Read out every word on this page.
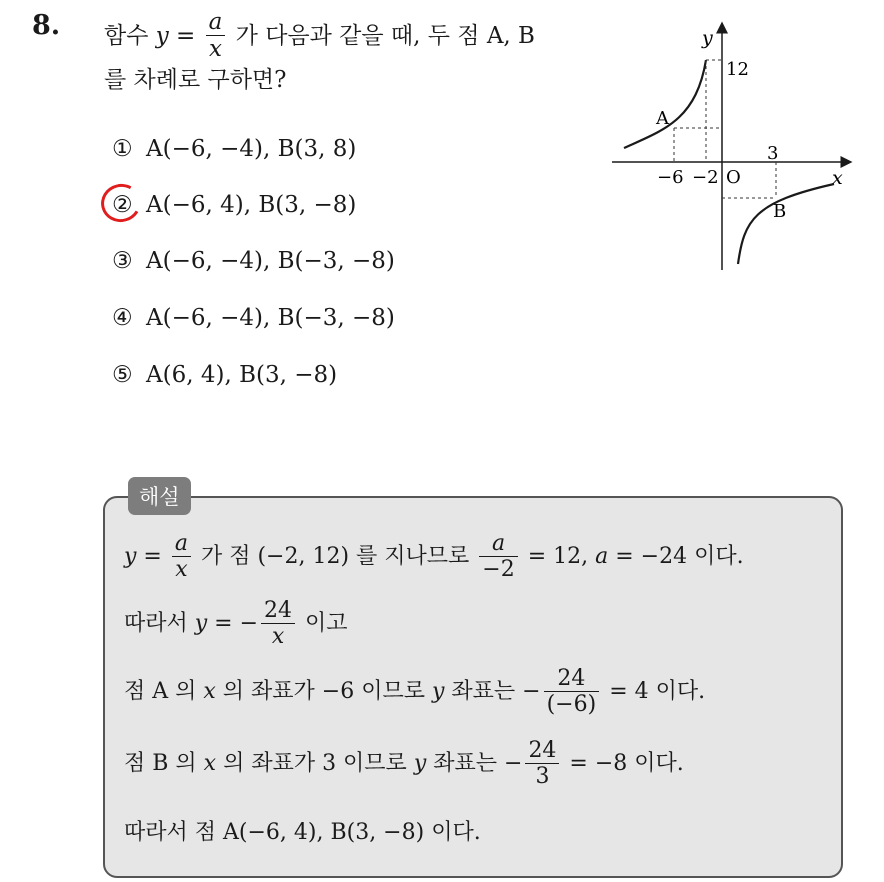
8. 함수 $y = \frac{a}{x}$ 가 다음과 같을 때, 두 점 A, B
를 차례로 구하면?
① A(−6, −4), B(3, 8)
② A(−6, 4), B(3, −8)
③ A(−6, −4), B(−3, −8)
④ A(−6, −4), B(−3, −8)
⑤ A(6, 4), B(3, −8)
y
x
O
12
3
−6 −2
A
B
해설
$y = \frac{a}{x}$ 가 점 (−2, 12) 를 지나므로 $\frac{a}{-2} = 12$, a = −24 이다.
따라서 y = − $\frac{24}{x}$ 이고
점 A 의 x 의 좌표가 −6 이므로 y 좌표는 − $\frac{24}{(-6)} = 4$ 이다.
점 B 의 x 의 좌표가 3 이므로 y 좌표는 − $\frac{24}{3} = -8$ 이다.
따라서 점 A(−6, 4), B(3, −8) 이다.
